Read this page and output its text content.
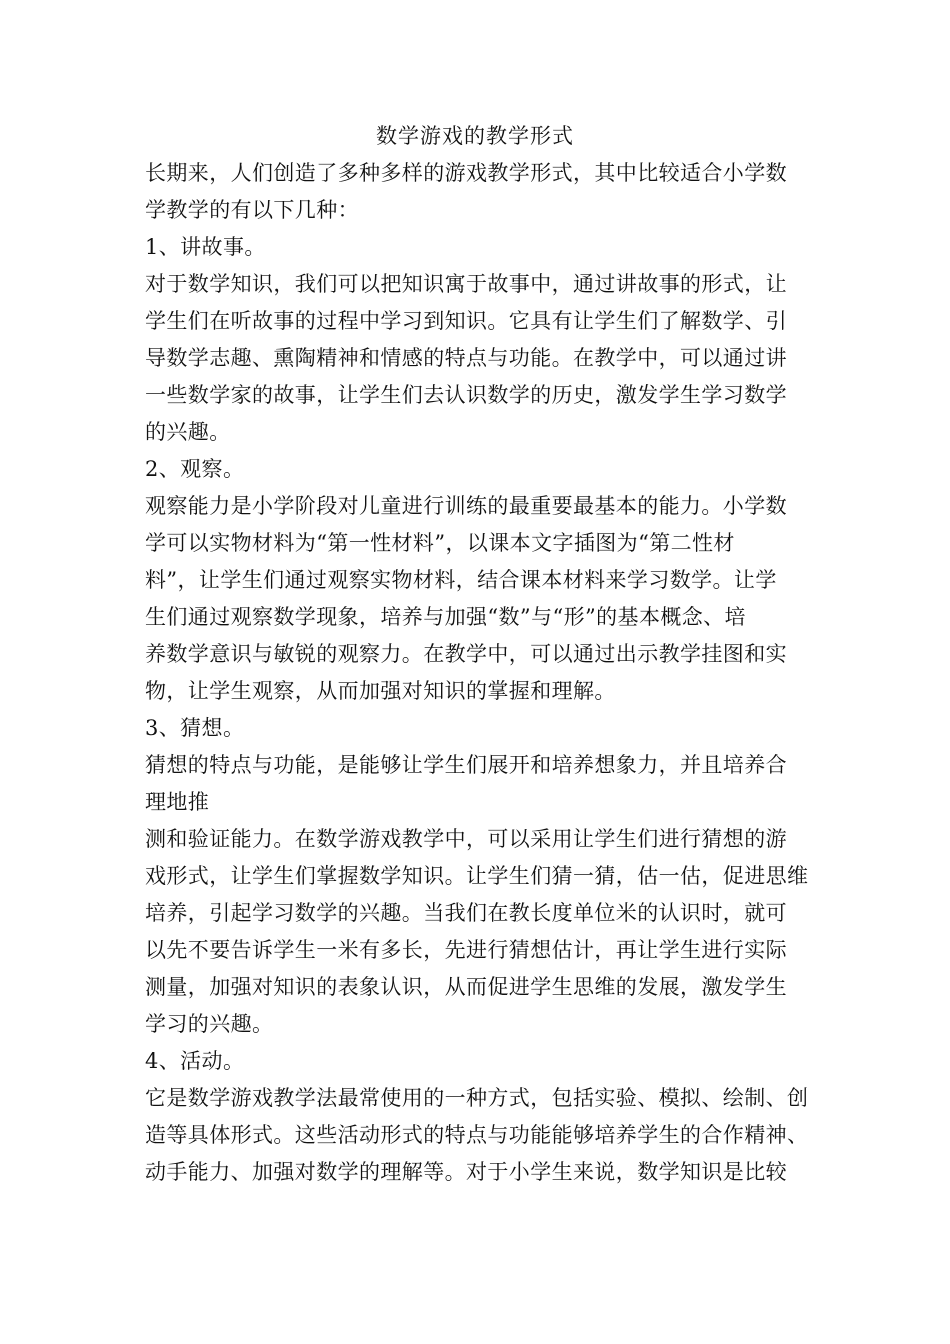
数学游戏的教学形式
长期来，人们创造了多种多样的游戏教学形式，其中比较适合小学数
学教学的有以下几种：
1、讲故事。
对于数学知识，我们可以把知识寓于故事中，通过讲故事的形式，让
学生们在听故事的过程中学习到知识。它具有让学生们了解数学、引
导数学志趣、熏陶精神和情感的特点与功能。在教学中，可以通过讲
一些数学家的故事，让学生们去认识数学的历史，激发学生学习数学
的兴趣。
2、观察。
观察能力是小学阶段对儿童进行训练的最重要最基本的能力。小学数
学可以实物材料为“第一性材料”，以课本文字插图为“第二性材
料”，让学生们通过观察实物材料，结合课本材料来学习数学。让学
生们通过观察数学现象，培养与加强“数”与“形”的基本概念、培
养数学意识与敏锐的观察力。在教学中，可以通过出示教学挂图和实
物，让学生观察，从而加强对知识的掌握和理解。
3、猜想。
猜想的特点与功能，是能够让学生们展开和培养想象力，并且培养合
理地推
测和验证能力。在数学游戏教学中，可以采用让学生们进行猜想的游
戏形式，让学生们掌握数学知识。让学生们猜一猜，估一估，促进思维
培养，引起学习数学的兴趣。当我们在教长度单位米的认识时，就可
以先不要告诉学生一米有多长，先进行猜想估计，再让学生进行实际
测量，加强对知识的表象认识，从而促进学生思维的发展，激发学生
学习的兴趣。
4、活动。
它是数学游戏教学法最常使用的一种方式，包括实验、模拟、绘制、创
造等具体形式。这些活动形式的特点与功能能够培养学生的合作精神、
动手能力、加强对数学的理解等。对于小学生来说，数学知识是比较
